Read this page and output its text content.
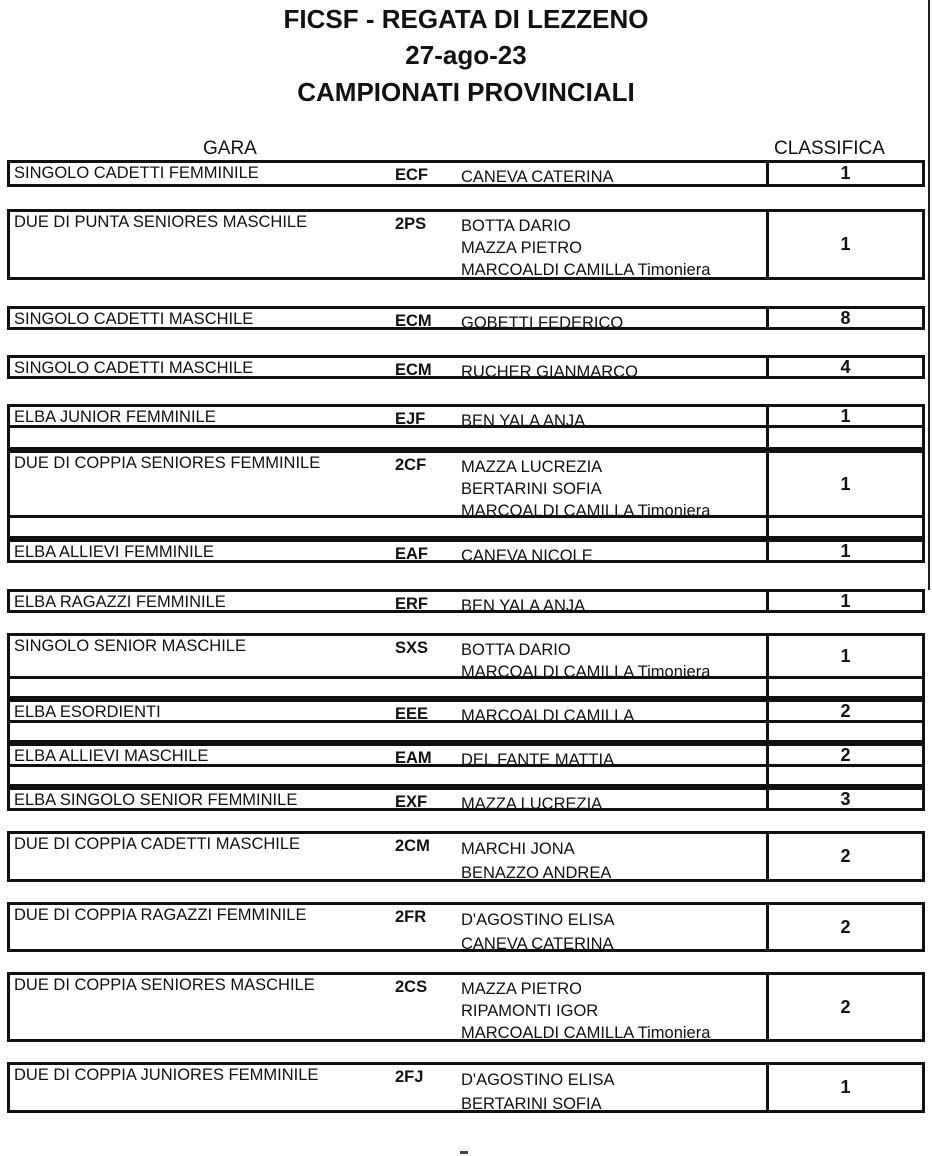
FICSF - REGATA DI LEZZENO
27-ago-23
CAMPIONATI PROVINCIALI
GARA	CLASSIFICA
SINGOLO CADETTI FEMMINILE	ECF CANEVA CATERINA	1
DUE DI PUNTA SENIORES MASCHILE	2PS BOTTA DARIO
MAZZA PIETRO
MARCOALDI CAMILLA Timoniera
1
SINGOLO CADETTI MASCHILE	ECM GOBETTI FEDERICO	8
SINGOLO CADETTI MASCHILE	ECM RUCHER GIANMARCO	4
ELBA JUNIOR FEMMINILE	EJF BEN YALA ANJA	1
DUE DI COPPIA SENIORES FEMMINILE	2CF MAZZA LUCREZIA
BERTARINI SOFIA
MARCOALDI CAMILLA Timoniera
1
ELBA ALLIEVI FEMMINILE	EAF CANEVA NICOLE	1
ELBA RAGAZZI FEMMINILE	ERF BEN YALA ANJA	1
SINGOLO SENIOR MASCHILE	SXS BOTTA DARIO
MARCOALDI CAMILLA Timoniera
1
ELBA ESORDIENTI	EEE MARCOALDI CAMILLA	2
ELBA ALLIEVI MASCHILE	EAM DEL FANTE MATTIA	2
ELBA SINGOLO SENIOR FEMMINILE	EXF MAZZA LUCREZIA	3
DUE DI COPPIA CADETTI MASCHILE	2CM MARCHI JONA
BENAZZO ANDREA
2
DUE DI COPPIA RAGAZZI FEMMINILE	2FR D'AGOSTINO ELISA
CANEVA CATERINA
2
DUE DI COPPIA SENIORES MASCHILE	2CS MAZZA PIETRO
RIPAMONTI IGOR
MARCOALDI CAMILLA Timoniera
2
DUE DI COPPIA JUNIORES FEMMINILE	2FJ D'AGOSTINO ELISA
BERTARINI SOFIA
1
